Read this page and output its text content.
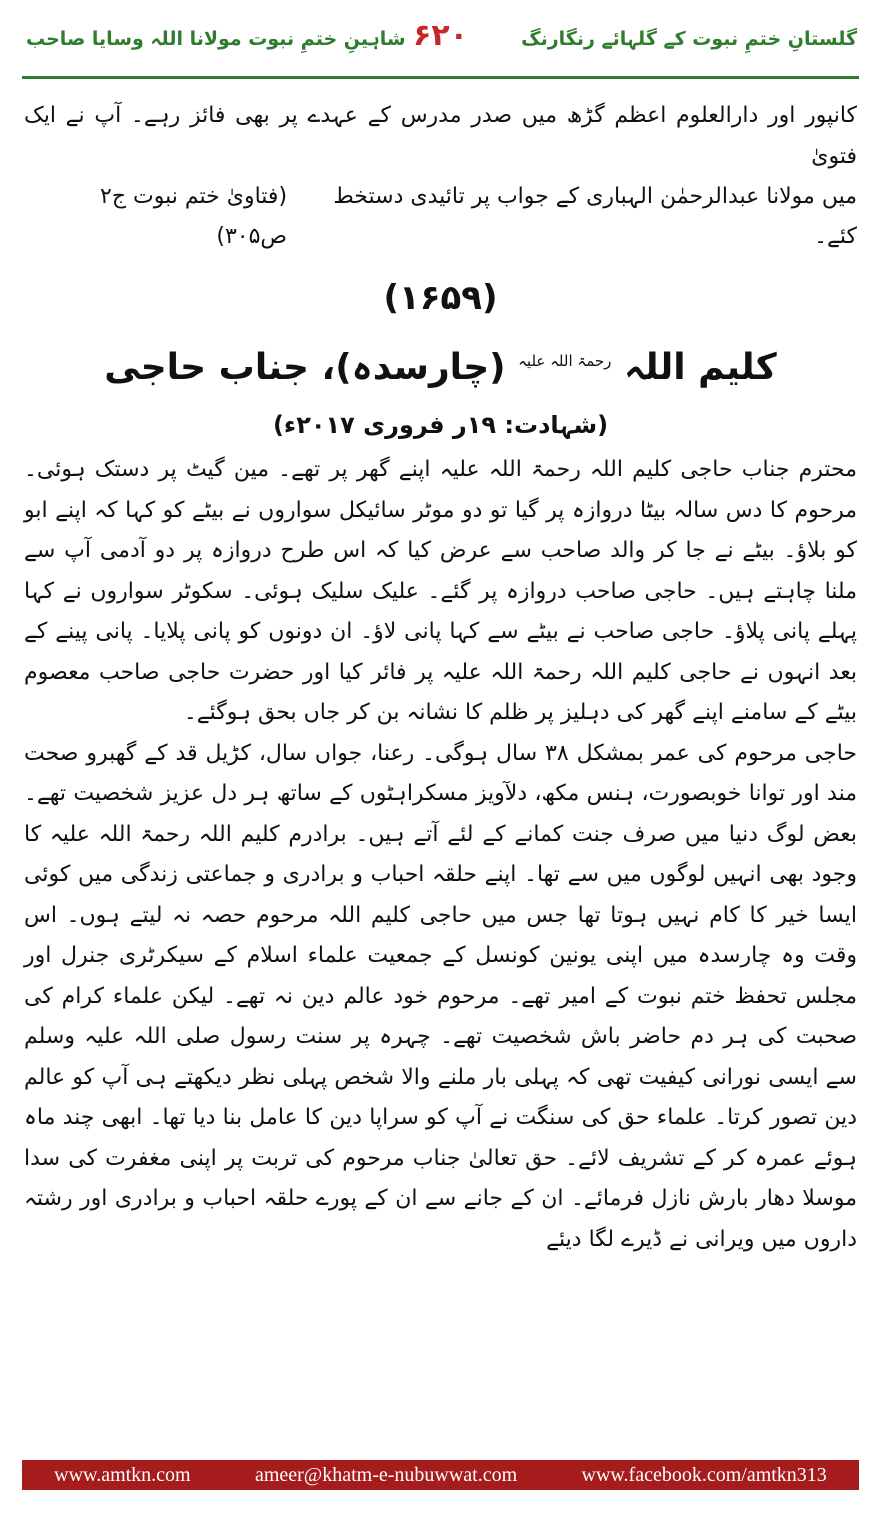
گلستانِ ختمِ نبوت کے گلہائے رنگارنگ
۶۲۰
شاہینِ ختمِ نبوت مولانا اللہ وسایا صاحب

کانپور اور دارالعلوم اعظم گڑھ میں صدر مدرس کے عہدے پر بھی فائز رہے۔ آپ نے ایک فتویٰ

میں مولانا عبدالرحمٰن الہباری کے جواب پر تائیدی دستخط کئے۔
(فتاویٰ ختم نبوت ج۲ ص۳۰۵)
(۱۶۵۹)
کلیم اللہ $^{رحمۃ اللہ علیہ}$ (چارسدہ)، جناب حاجی
(شہادت: ۱۹ر فروری ۲۰۱۷ء)

محترم جناب حاجی کلیم اللہ رحمۃ اللہ علیہ اپنے گھر پر تھے۔ مین گیٹ پر دستک ہوئی۔ مرحوم کا دس سالہ بیٹا دروازہ پر گیا تو دو موٹر سائیکل سواروں نے بیٹے کو کہا کہ اپنے ابو کو بلاؤ۔ بیٹے نے جا کر والد صاحب سے عرض کیا کہ اس طرح دروازہ پر دو آدمی آپ سے ملنا چاہتے ہیں۔ حاجی صاحب دروازہ پر گئے۔ علیک سلیک ہوئی۔ سکوٹر سواروں نے کہا پہلے پانی پلاؤ۔ حاجی صاحب نے بیٹے سے کہا پانی لاؤ۔ ان دونوں کو پانی پلایا۔ پانی پینے کے بعد انہوں نے حاجی کلیم اللہ رحمۃ اللہ علیہ پر فائر کیا اور حضرت حاجی صاحب معصوم بیٹے کے سامنے اپنے گھر کی دہلیز پر ظلم کا نشانہ بن کر جاں بحق ہوگئے۔

حاجی مرحوم کی عمر بمشکل ۳۸ سال ہوگی۔ رعنا، جواں سال، کڑیل قد کے گھبرو صحت مند اور توانا خوبصورت، ہنس مکھ، دلآویز مسکراہٹوں کے ساتھ ہر دل عزیز شخصیت تھے۔ بعض لوگ دنیا میں صرف جنت کمانے کے لئے آتے ہیں۔ برادرم کلیم اللہ رحمۃ اللہ علیہ کا وجود بھی انہیں لوگوں میں سے تھا۔ اپنے حلقہ احباب و برادری و جماعتی زندگی میں کوئی ایسا خیر کا کام نہیں ہوتا تھا جس میں حاجی کلیم اللہ مرحوم حصہ نہ لیتے ہوں۔ اس وقت وہ چارسدہ میں اپنی یونین کونسل کے جمعیت علماء اسلام کے سیکرٹری جنرل اور مجلس تحفظ ختم نبوت کے امیر تھے۔ مرحوم خود عالم دین نہ تھے۔ لیکن علماء کرام کی صحبت کی ہر دم حاضر باش شخصیت تھے۔ چہرہ پر سنت رسول صلی اللہ علیہ وسلم سے ایسی نورانی کیفیت تھی کہ پہلی بار ملنے والا شخص پہلی نظر دیکھتے ہی آپ کو عالم دین تصور کرتا۔ علماء حق کی سنگت نے آپ کو سراپا دین کا عامل بنا دیا تھا۔ ابھی چند ماہ ہوئے عمرہ کر کے تشریف لائے۔ حق تعالیٰ جناب مرحوم کی تربت پر اپنی مغفرت کی سدا موسلا دھار بارش نازل فرمائے۔ ان کے جانے سے ان کے پورے حلقہ احباب و برادری اور رشتہ داروں میں ویرانی نے ڈیرے لگا دیئے

www.amtkn.com	ameer@khatm-e-nubuwwat.com	www.facebook.com/amtkn313
